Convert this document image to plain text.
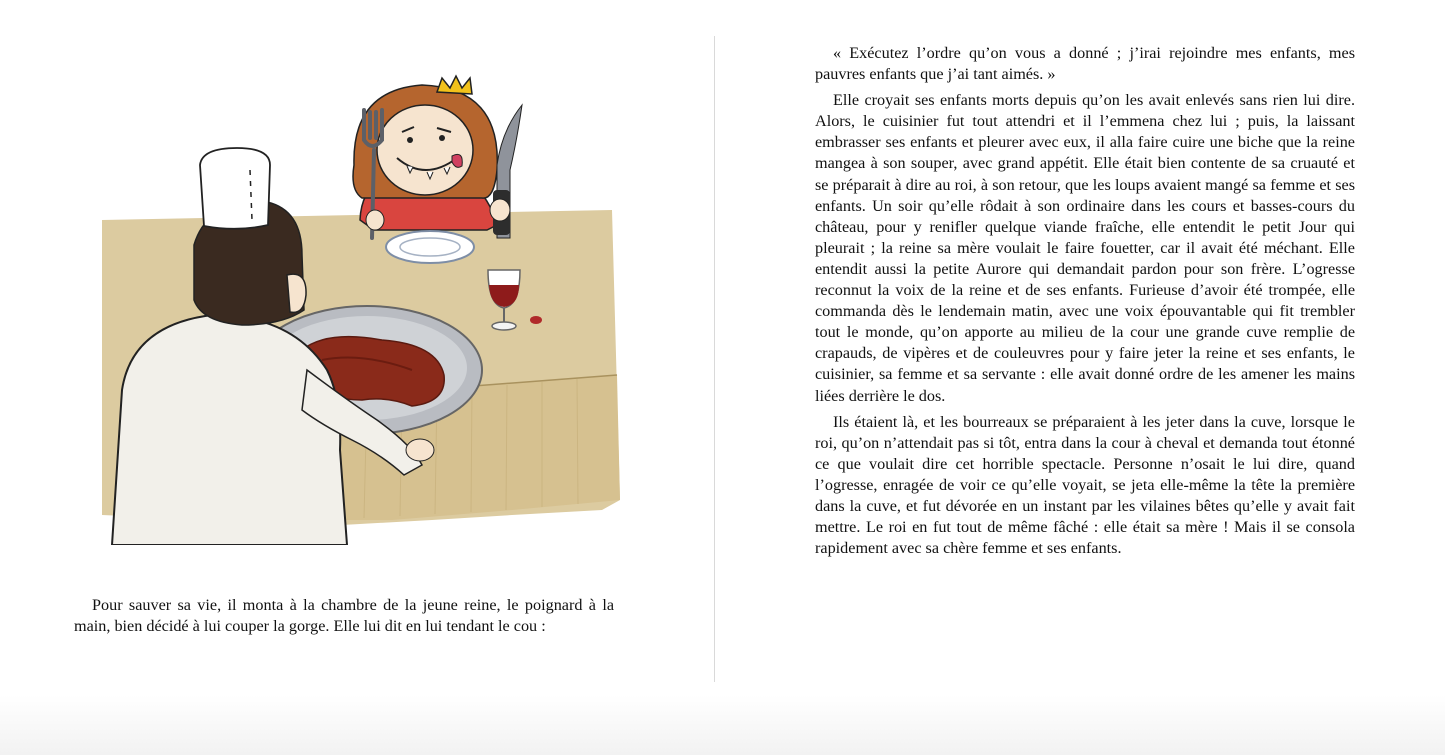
Pour sauver sa vie, il monta à la chambre de la jeune reine, le poignard à la main, bien décidé à lui couper la gorge. Elle lui dit en lui tendant le cou :

« Exécutez l’ordre qu’on vous a donné ; j’irai rejoindre mes enfants, mes pauvres enfants que j’ai tant aimés. »

Elle croyait ses enfants morts depuis qu’on les avait enlevés sans rien lui dire. Alors, le cuisinier fut tout attendri et il l’emmena chez lui ; puis, la laissant embrasser ses enfants et pleurer avec eux, il alla faire cuire une biche que la reine mangea à son souper, avec grand appétit. Elle était bien contente de sa cruauté et se préparait à dire au roi, à son retour, que les loups avaient mangé sa femme et ses enfants. Un soir qu’elle rôdait à son ordinaire dans les cours et basses-cours du château, pour y renifler quelque viande fraîche, elle entendit le petit Jour qui pleurait ; la reine sa mère voulait le faire fouetter, car il avait été méchant. Elle entendit aussi la petite Aurore qui demandait pardon pour son frère. L’ogresse reconnut la voix de la reine et de ses enfants. Furieuse d’avoir été trompée, elle commanda dès le lendemain matin, avec une voix épouvantable qui fit trembler tout le monde, qu’on apporte au milieu de la cour une grande cuve remplie de crapauds, de vipères et de couleuvres pour y faire jeter la reine et ses enfants, le cuisinier, sa femme et sa servante : elle avait donné ordre de les amener les mains liées derrière le dos.

Ils étaient là, et les bourreaux se préparaient à les jeter dans la cuve, lorsque le roi, qu’on n’attendait pas si tôt, entra dans la cour à cheval et demanda tout étonné ce que voulait dire cet horrible spectacle. Personne n’osait le lui dire, quand l’ogresse, enragée de voir ce qu’elle voyait, se jeta elle-même la tête la première dans la cuve, et fut dévorée en un instant par les vilaines bêtes qu’elle y avait fait mettre. Le roi en fut tout de même fâché : elle était sa mère ! Mais il se consola rapidement avec sa chère femme et ses enfants.
